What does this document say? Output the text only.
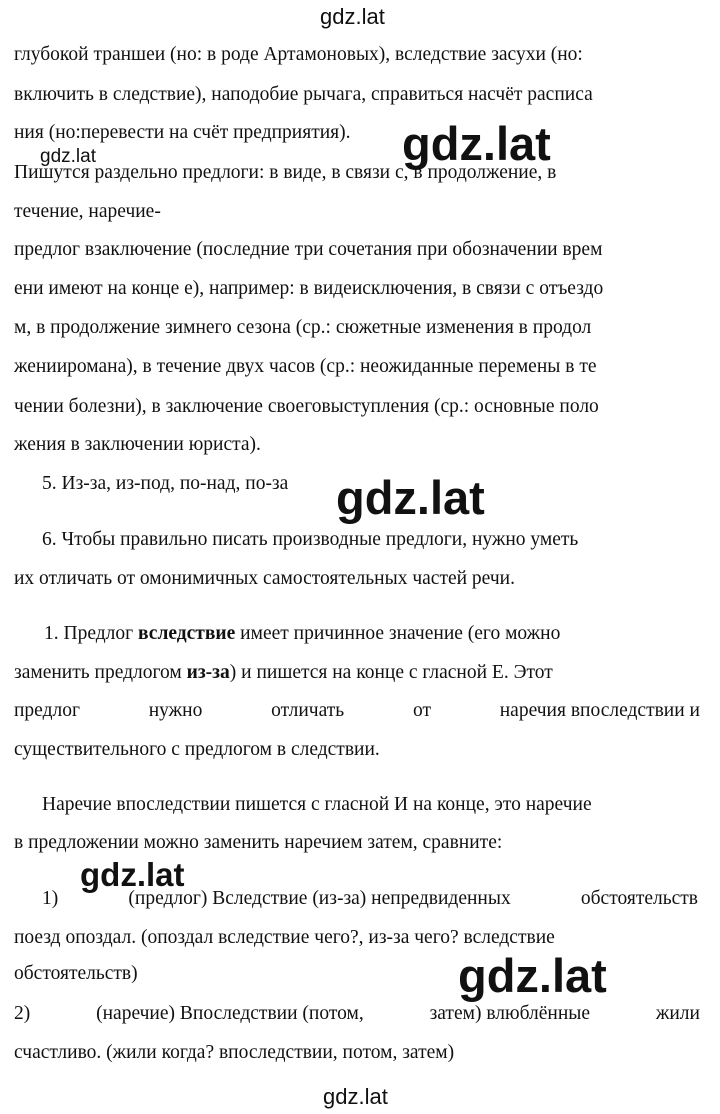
gdz.lat
gdz.lat
gdz.lat
gdz.lat
gdz.lat
gdz.lat
gdz.lat
глубокой траншеи (но: в роде Артамоновых), вследствие засухи (но:
включить в следствие), наподобие рычага, справиться насчёт расписа
ния (но:перевести на счёт предприятия).
Пишутся раздельно предлоги: в виде, в связи с, в продолжение, в
течение, наречие-
предлог взаключение (последние три сочетания при обозначении врем
ени имеют на конце е), например: в видеисключения, в связи с отъездо
м, в продолжение зимнего сезона (ср.: сюжетные изменения в продол
женииромана), в течение двух часов (ср.: неожиданные перемены в те
чении болезни), в заключение своеговыступления (ср.: основные поло
жения в заключении юриста).
5. Из-за, из-под, по-над, по-за
6. Чтобы правильно писать производные предлоги, нужно уметь
их отличать от омонимичных самостоятельных частей речи.
1. Предлог вследствие имеет причинное значение (его можно
заменить предлогом из-за) и пишется на конце с гласной Е. Этот
предлог	нужно	отличать	от	наречия впоследствии и
существительного с предлогом в следствии.
Наречие впоследствии пишется с гласной И на конце, это наречие
в предложении можно заменить наречием затем, сравните:
1)	(предлог) Вследствие (из-за) непредвиденных	обстоятельств
поезд опоздал. (опоздал вследствие чего?, из-за чего? вследствие
обстоятельств)
2)	(наречие) Впоследствии (потом,	затем) влюблённые	жили
счастливо. (жили когда? впоследствии, потом, затем)
